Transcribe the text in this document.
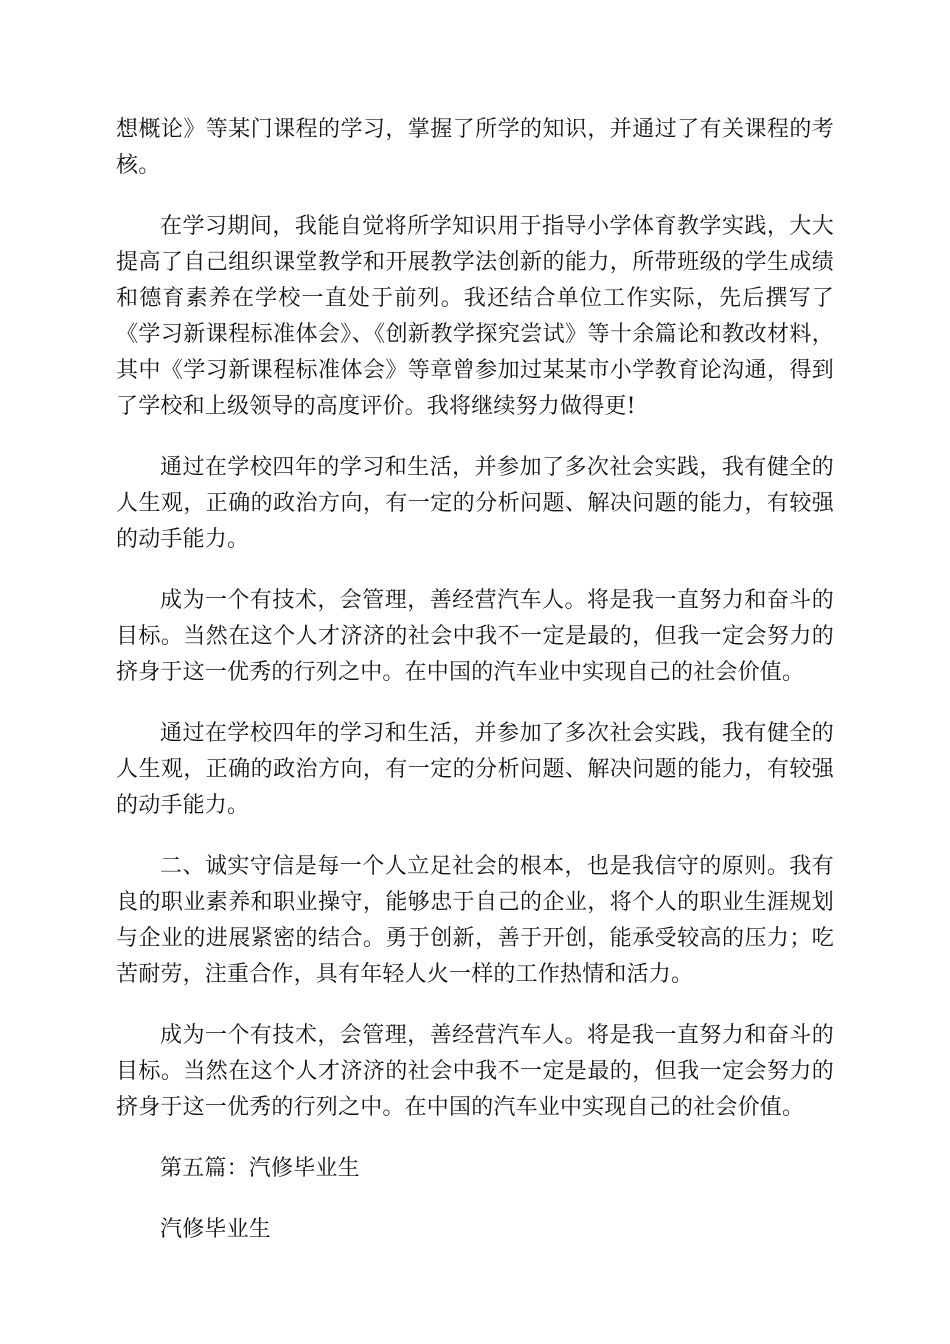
想概论》等某门课程的学习，掌握了所学的知识，并通过了有关课程的考核。

在学习期间，我能自觉将所学知识用于指导小学体育教学实践，大大提高了自己组织课堂教学和开展教学法创新的能力，所带班级的学生成绩和德育素养在学校一直处于前列。我还结合单位工作实际，先后撰写了《学习新课程标准体会》、《创新教学探究尝试》等十余篇论和教改材料，其中《学习新课程标准体会》等章曾参加过某某市小学教育论沟通，得到了学校和上级领导的高度评价。我将继续努力做得更!

通过在学校四年的学习和生活，并参加了多次社会实践，我有健全的人生观，正确的政治方向，有一定的分析问题、解决问题的能力，有较强的动手能力。

成为一个有技术，会管理，善经营汽车人。将是我一直努力和奋斗的目标。当然在这个人才济济的社会中我不一定是最的，但我一定会努力的挤身于这一优秀的行列之中。在中国的汽车业中实现自己的社会价值。

通过在学校四年的学习和生活，并参加了多次社会实践，我有健全的人生观，正确的政治方向，有一定的分析问题、解决问题的能力，有较强的动手能力。

二、诚实守信是每一个人立足社会的根本，也是我信守的原则。我有良的职业素养和职业操守，能够忠于自己的企业，将个人的职业生涯规划与企业的进展紧密的结合。勇于创新，善于开创，能承受较高的压力；吃苦耐劳，注重合作，具有年轻人火一样的工作热情和活力。

成为一个有技术，会管理，善经营汽车人。将是我一直努力和奋斗的目标。当然在这个人才济济的社会中我不一定是最的，但我一定会努力的挤身于这一优秀的行列之中。在中国的汽车业中实现自己的社会价值。

第五篇：汽修毕业生
汽修毕业生
